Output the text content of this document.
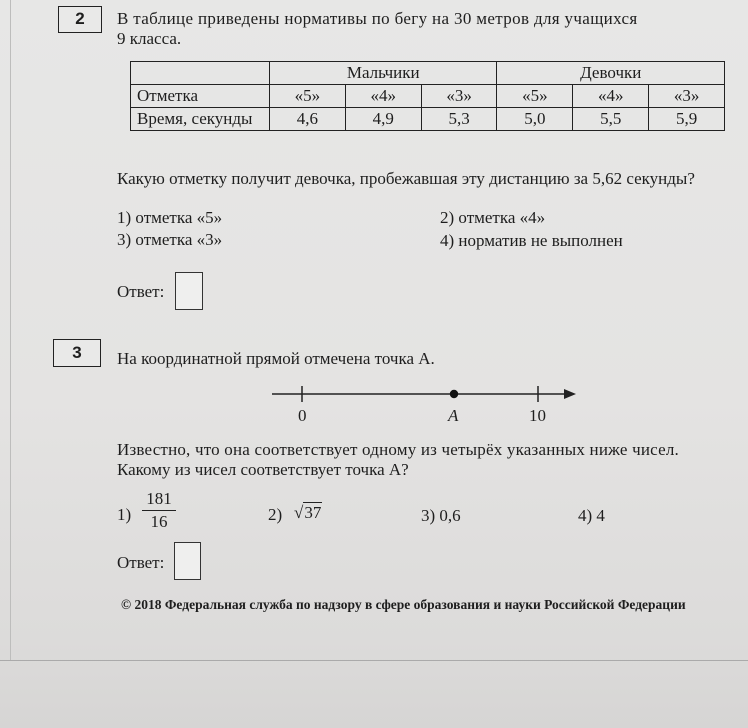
2	В таблице приведены нормативы по бегу на 30 метров для учащихся
9 класса.
	Мальчики			Девочки		
Отметка	«5»	«4»	«3»	«5»	«4»	«3»
Время, секунды	4,6	4,9	5,3	5,0	5,5	5,9
Какую отметку получит девочка, пробежавшая эту дистанцию за 5,62 секунды?
1) отметка «5»	2) отметка «4»
3) отметка «3»	4) норматив не выполнен
Ответ:
3	На координатной прямой отмечена точка A.
0	A	10
Известно, что она соответствует одному из четырёх указанных ниже чисел.
Какому из чисел соответствует точка A?
1)
181
16	2) √37	3) 0,6	4) 4
Ответ:
© 2018 Федеральная служба по надзору в сфере образования и науки Российской Федерации
